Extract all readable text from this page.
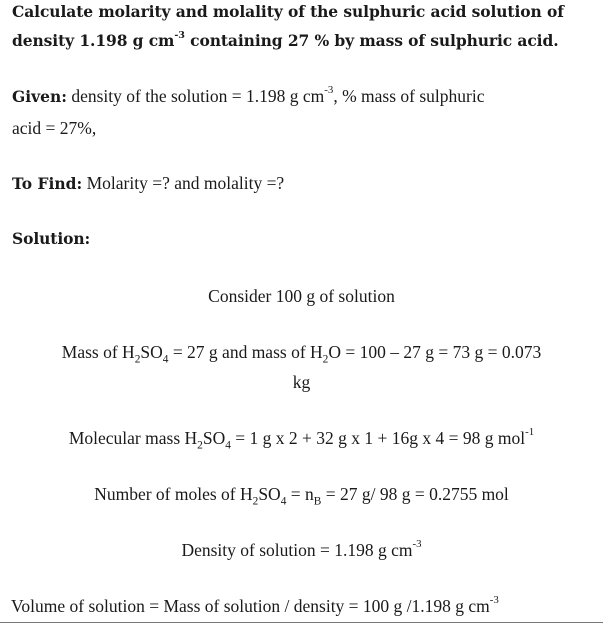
Calculate molarity and molality of the sulphuric acid solution of
density 1.198 g $cm^{-3}$ containing 27 % by mass of sulphuric acid.
Given: density of the solution = 1.198 g $cm^{-3}$, % mass of sulphuric
acid = 27%,
To Find: Molarity =? and molality =?
Solution:
Consider 100 g of solution
Mass of $H_2SO_4 = 27$ g and mass of $H_2O = 100 - 27$ g = 73 g = 0.073
kg
Molecular mass $H_2SO_4 = 1$ g x 2 + 32 g x 1 + 16g x 4 = 98 g mol$^{-1}$
Number of moles of $H_2SO_4 = n_B = 27$ g/ 98 g = 0.2755 mol
Density of solution = 1.198 g $cm^{-3}$
Volume of solution = Mass of solution / density = 100 g /1.198 g $cm^{-3}$
